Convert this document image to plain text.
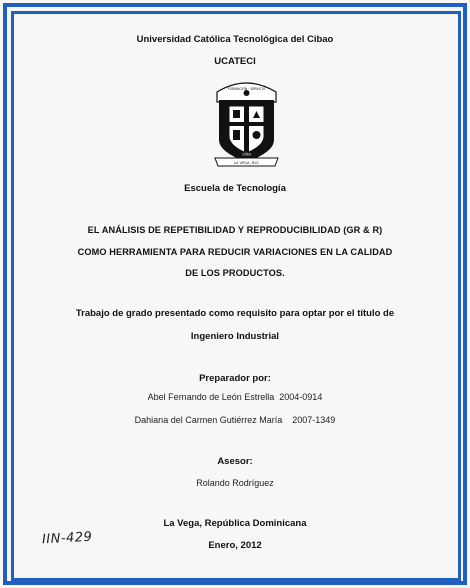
Universidad Católica Tecnológica del Cibao
UCATECI
1983
LA VEGA, R.D.
FORMACIÓN · SERVICIO
Escuela de Tecnología
EL ANÁLISIS DE REPETIBILIDAD Y REPRODUCIBILIDAD (GR & R)
COMO HERRAMIENTA PARA REDUCIR VARIACIONES EN LA CALIDAD
DE LOS PRODUCTOS.
Trabajo de grado presentado como requisito para optar por el título de
Ingeniero Industrial
Preparador por:
Abel Fernando de León Estrella 2004-0914
Dahiana del Carmen Gutiérrez María 2007-1349
Asesor:
Rolando Rodríguez
IIN-429
La Vega, República Dominicana
Enero, 2012
